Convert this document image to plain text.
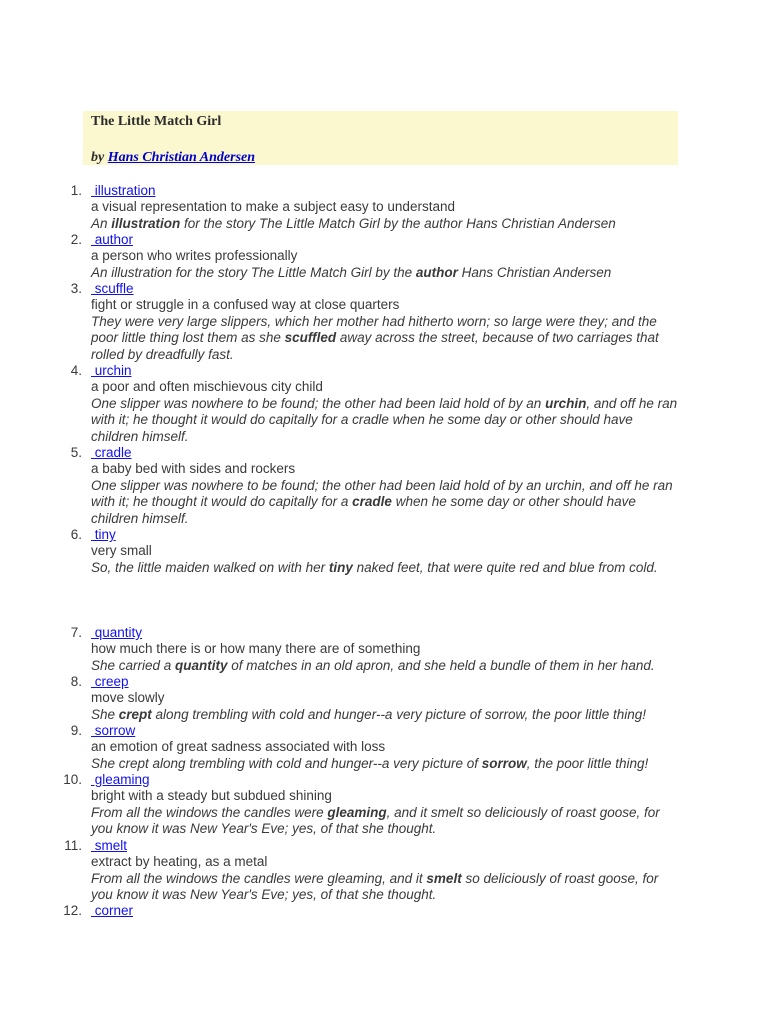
The Little Match Girl
by Hans Christian Andersen
1. illustration
a visual representation to make a subject easy to understand
An illustration for the story The Little Match Girl by the author Hans Christian Andersen
2. author
a person who writes professionally
An illustration for the story The Little Match Girl by the author Hans Christian Andersen
3. scuffle
fight or struggle in a confused way at close quarters
They were very large slippers, which her mother had hitherto worn; so large were they; and the poor little thing lost them as she scuffled away across the street, because of two carriages that rolled by dreadfully fast.
4. urchin
a poor and often mischievous city child
One slipper was nowhere to be found; the other had been laid hold of by an urchin, and off he ran with it; he thought it would do capitally for a cradle when he some day or other should have children himself.
5. cradle
a baby bed with sides and rockers
One slipper was nowhere to be found; the other had been laid hold of by an urchin, and off he ran with it; he thought it would do capitally for a cradle when he some day or other should have children himself.
6. tiny
very small
So, the little maiden walked on with her tiny naked feet, that were quite red and blue from cold.
7. quantity
how much there is or how many there are of something
She carried a quantity of matches in an old apron, and she held a bundle of them in her hand.
8. creep
move slowly
She crept along trembling with cold and hunger--a very picture of sorrow, the poor little thing!
9. sorrow
an emotion of great sadness associated with loss
She crept along trembling with cold and hunger--a very picture of sorrow, the poor little thing!
10. gleaming
bright with a steady but subdued shining
From all the windows the candles were gleaming, and it smelt so deliciously of roast goose, for you know it was New Year's Eve; yes, of that she thought.
11. smelt
extract by heating, as a metal
From all the windows the candles were gleaming, and it smelt so deliciously of roast goose, for you know it was New Year's Eve; yes, of that she thought.
12. corner
